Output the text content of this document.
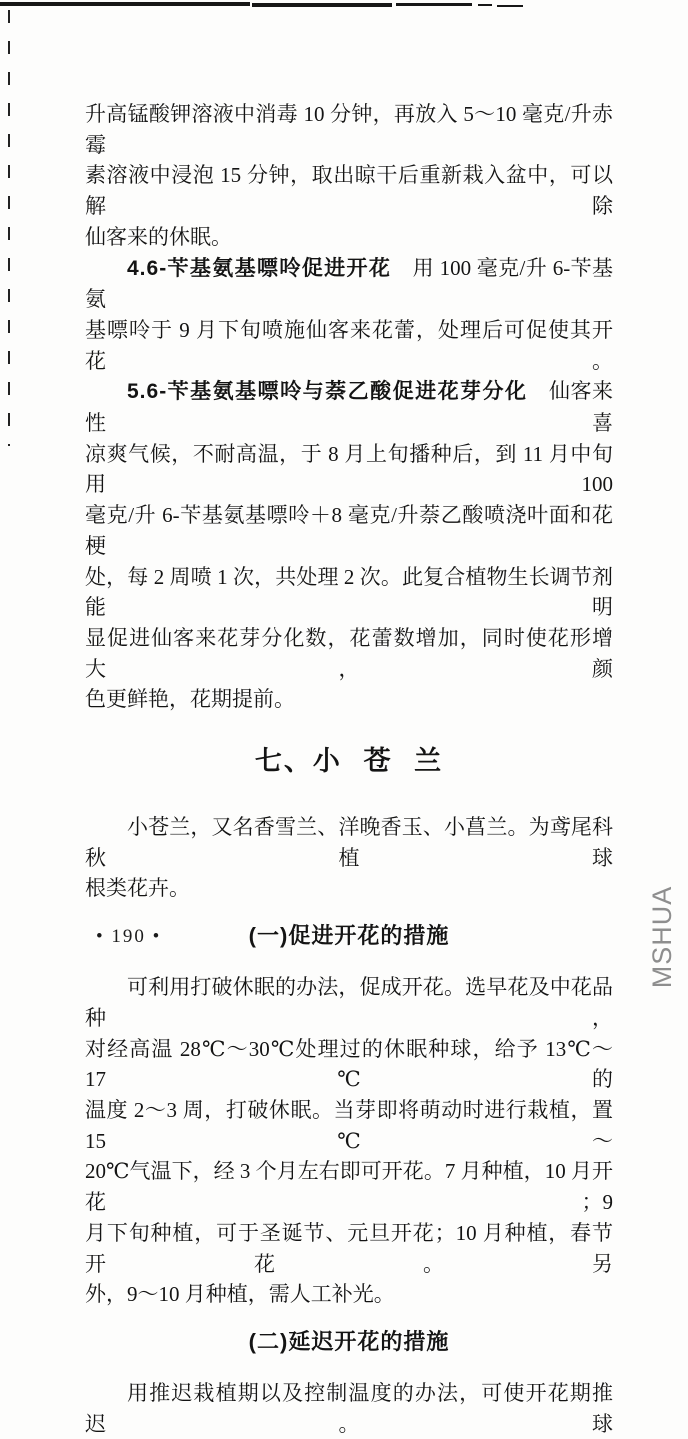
升高锰酸钾溶液中消毒 10 分钟，再放入 5～10 毫克/升赤霉
素溶液中浸泡 15 分钟，取出晾干后重新栽入盆中，可以解除
仙客来的休眠。
4.6-苄基氨基嘌呤促进开花　用 100 毫克/升 6-苄基氨
基嘌呤于 9 月下旬喷施仙客来花蕾，处理后可促使其开花。
5.6-苄基氨基嘌呤与萘乙酸促进花芽分化　仙客来性喜
凉爽气候，不耐高温，于 8 月上旬播种后，到 11 月中旬用 100
毫克/升 6-苄基氨基嘌呤＋8 毫克/升萘乙酸喷浇叶面和花梗
处，每 2 周喷 1 次，共处理 2 次。此复合植物生长调节剂能明
显促进仙客来花芽分化数，花蕾数增加，同时使花形增大，颜
色更鲜艳，花期提前。
七、小 苍 兰
小苍兰，又名香雪兰、洋晚香玉、小菖兰。为鸢尾科秋植球
根类花卉。
(一)促进开花的措施
可利用打破休眠的办法，促成开花。选早花及中花品种，
对经高温 28℃～30℃处理过的休眠种球，给予 13℃～17℃的
温度 2～3 周，打破休眠。当芽即将萌动时进行栽植，置15℃～
20℃气温下，经 3 个月左右即可开花。7 月种植，10 月开花；9
月下旬种植，可于圣诞节、元旦开花；10 月种植，春节开花。另
外，9～10 月种植，需人工补光。
(二)延迟开花的措施
用推迟栽植期以及控制温度的办法，可使开花期推迟。球
• 190 •	MSHUA
